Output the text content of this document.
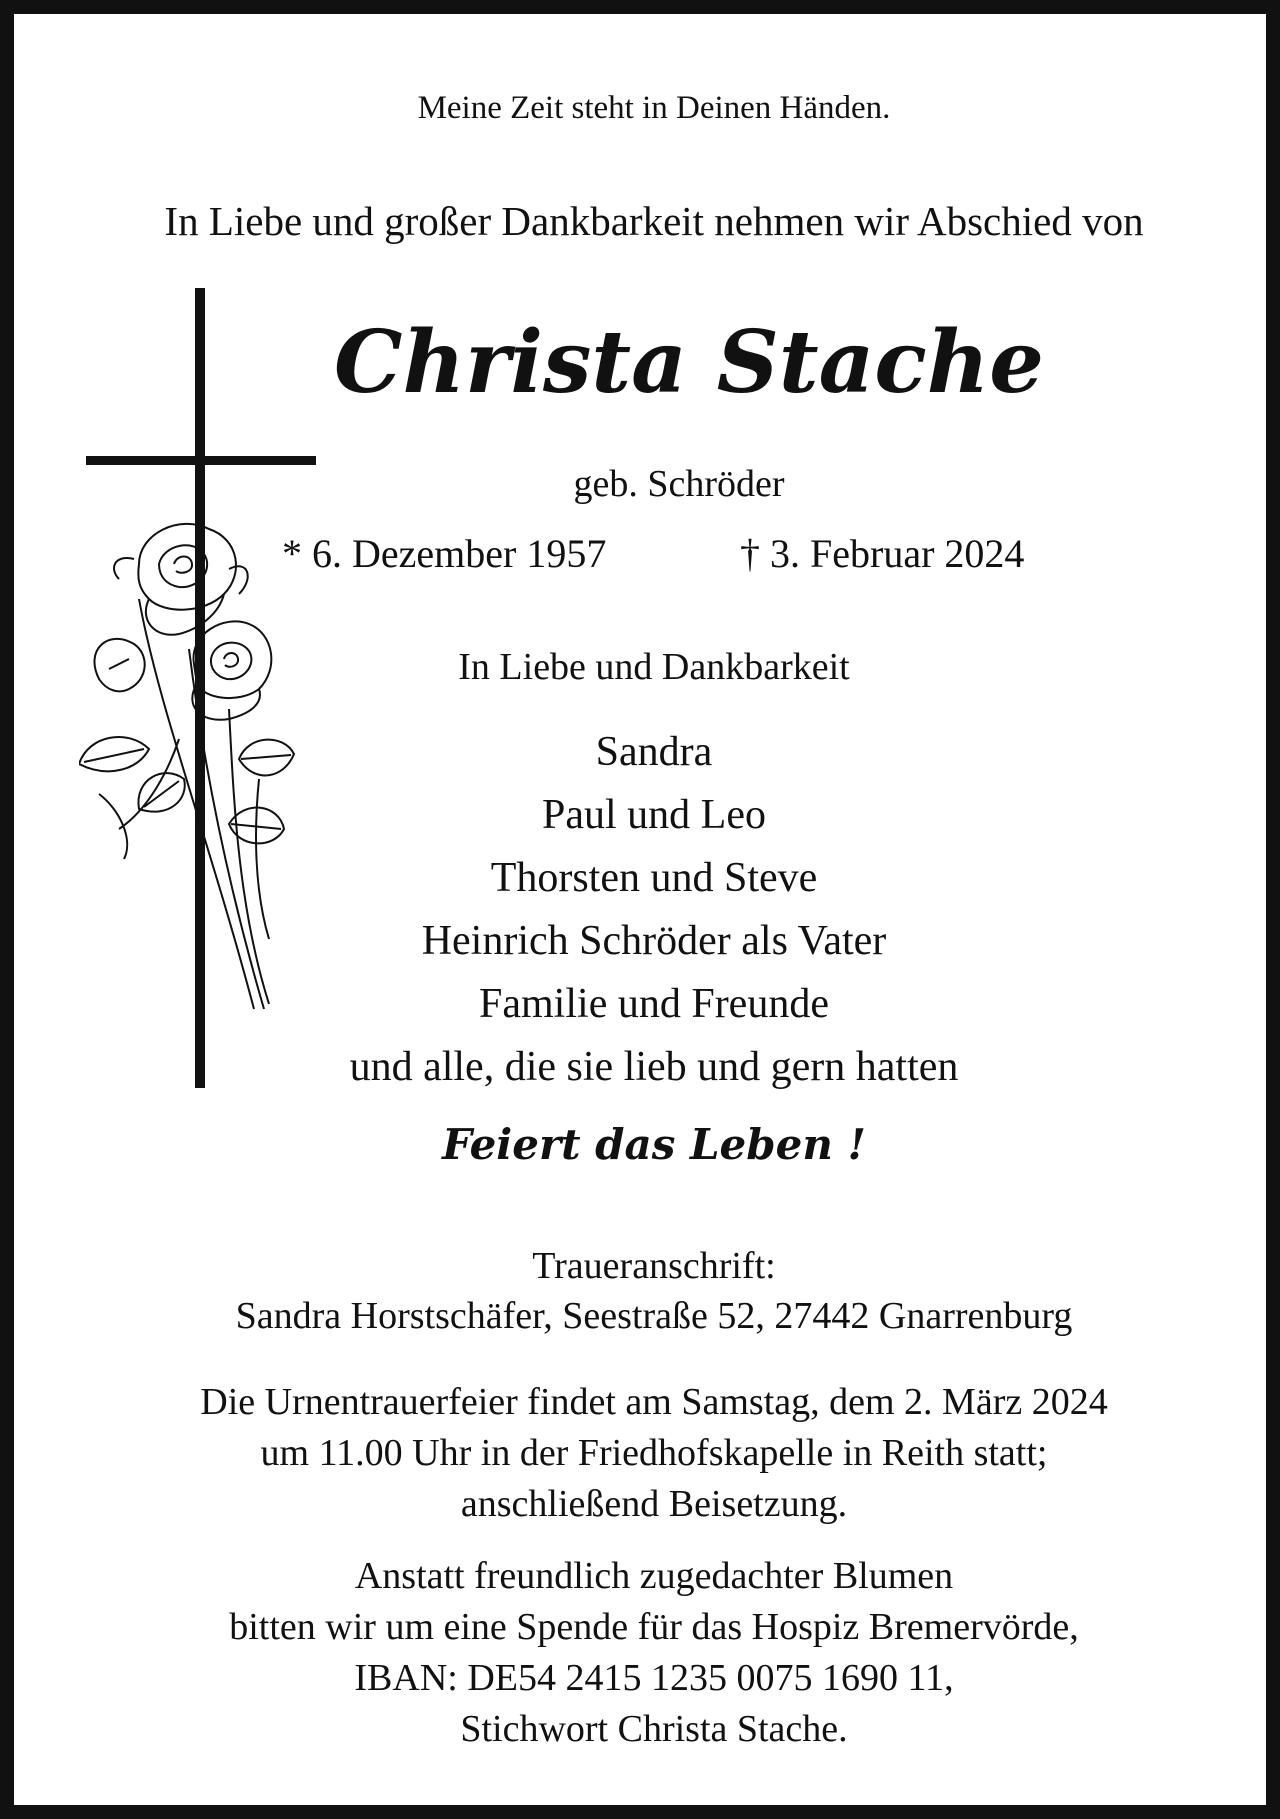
Meine Zeit steht in Deinen Händen.
In Liebe und großer Dankbarkeit nehmen wir Abschied von
Christa Stache
geb. Schröder
* 6. Dezember 1957	† 3. Februar 2024
In Liebe und Dankbarkeit
Sandra
Paul und Leo
Thorsten und Steve
Heinrich Schröder als Vater
Familie und Freunde
und alle, die sie lieb und gern hatten
Feiert das Leben !
Traueranschrift:
Sandra Horstschäfer, Seestraße 52, 27442 Gnarrenburg
Die Urnentrauerfeier findet am Samstag, dem 2. März 2024
um 11.00 Uhr in der Friedhofskapelle in Reith statt;
anschließend Beisetzung.
Anstatt freundlich zugedachter Blumen
bitten wir um eine Spende für das Hospiz Bremervörde,
IBAN: DE54 2415 1235 0075 1690 11,
Stichwort Christa Stache.
